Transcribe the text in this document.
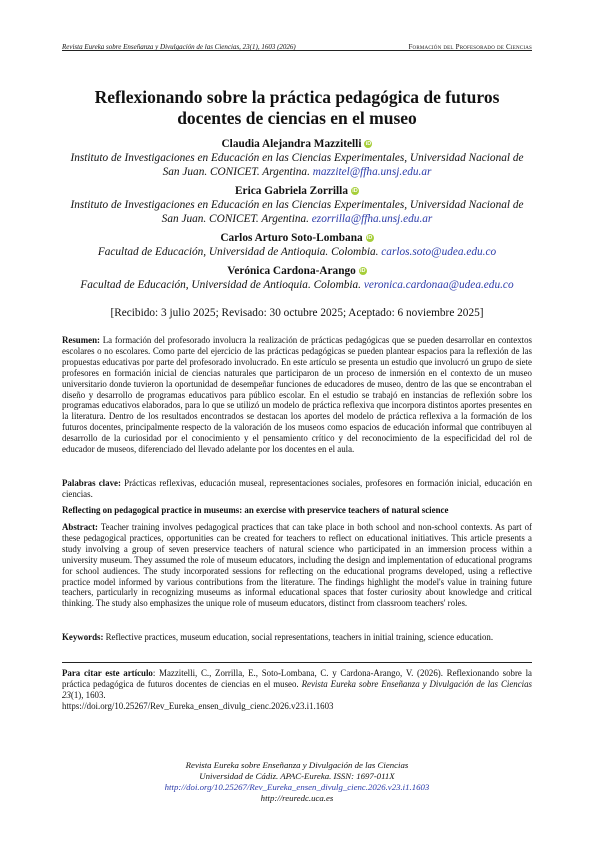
Revista Eureka sobre Enseñanza y Divulgación de las Ciencias, 23(1), 1603 (2026)	Formación del Profesorado de Ciencias
Reflexionando sobre la práctica pedagógica de futuros docentes de ciencias en el museo
Claudia Alejandra Mazzitelli iD
Instituto de Investigaciones en Educación en las Ciencias Experimentales, Universidad Nacional de San Juan. CONICET. Argentina. mazzitel@ffha.unsj.edu.ar
Erica Gabriela Zorrilla iD
Instituto de Investigaciones en Educación en las Ciencias Experimentales, Universidad Nacional de San Juan. CONICET. Argentina. ezorrilla@ffha.unsj.edu.ar
Carlos Arturo Soto-Lombana iD
Facultad de Educación, Universidad de Antioquia. Colombia. carlos.soto@udea.edu.co
Verónica Cardona-Arango iD
Facultad de Educación, Universidad de Antioquia. Colombia. veronica.cardonaa@udea.edu.co
[Recibido: 3 julio 2025; Revisado: 30 octubre 2025; Aceptado: 6 noviembre 2025]
Resumen: La formación del profesorado involucra la realización de prácticas pedagógicas que se pueden desarrollar en contextos escolares o no escolares. Como parte del ejercicio de las prácticas pedagógicas se pueden plantear espacios para la reflexión de las propuestas educativas por parte del profesorado involucrado. En este artículo se presenta un estudio que involucró un grupo de siete profesores en formación inicial de ciencias naturales que participaron de un proceso de inmersión en el contexto de un museo universitario donde tuvieron la oportunidad de desempeñar funciones de educadores de museo, dentro de las que se encontraban el diseño y desarrollo de programas educativos para público escolar. En el estudio se trabajó en instancias de reflexión sobre los programas educativos elaborados, para lo que se utilizó un modelo de práctica reflexiva que incorpora distintos aportes presentes en la literatura. Dentro de los resultados encontrados se destacan los aportes del modelo de práctica reflexiva a la formación de los futuros docentes, principalmente respecto de la valoración de los museos como espacios de educación informal que contribuyen al desarrollo de la curiosidad por el conocimiento y el pensamiento crítico y del reconocimiento de la especificidad del rol de educador de museos, diferenciado del llevado adelante por los docentes en el aula.
Palabras clave: Prácticas reflexivas, educación museal, representaciones sociales, profesores en formación inicial, educación en ciencias.
Reflecting on pedagogical practice in museums: an exercise with preservice teachers of natural science
Abstract: Teacher training involves pedagogical practices that can take place in both school and non-school contexts. As part of these pedagogical practices, opportunities can be created for teachers to reflect on educational initiatives. This article presents a study involving a group of seven preservice teachers of natural science who participated in an immersion process within a university museum. They assumed the role of museum educators, including the design and implementation of educational programs for school audiences. The study incorporated sessions for reflecting on the educational programs developed, using a reflective practice model informed by various contributions from the literature. The findings highlight the model's value in training future teachers, particularly in recognizing museums as informal educational spaces that foster curiosity about knowledge and critical thinking. The study also emphasizes the unique role of museum educators, distinct from classroom teachers' roles.
Keywords: Reflective practices, museum education, social representations, teachers in initial training, science education.
Para citar este artículo: Mazzitelli, C., Zorrilla, E., Soto-Lombana, C. y Cardona-Arango, V. (2026). Reflexionando sobre la práctica pedagógica de futuros docentes de ciencias en el museo. Revista Eureka sobre Enseñanza y Divulgación de las Ciencias 23(1), 1603.
https://doi.org/10.25267/Rev_Eureka_ensen_divulg_cienc.2026.v23.i1.1603
Revista Eureka sobre Enseñanza y Divulgación de las Ciencias
Universidad de Cádiz. APAC-Eureka. ISSN: 1697-011X
http://doi.org/10.25267/Rev_Eureka_ensen_divulg_cienc.2026.v23.i1.1603
http://reuredc.uca.es
